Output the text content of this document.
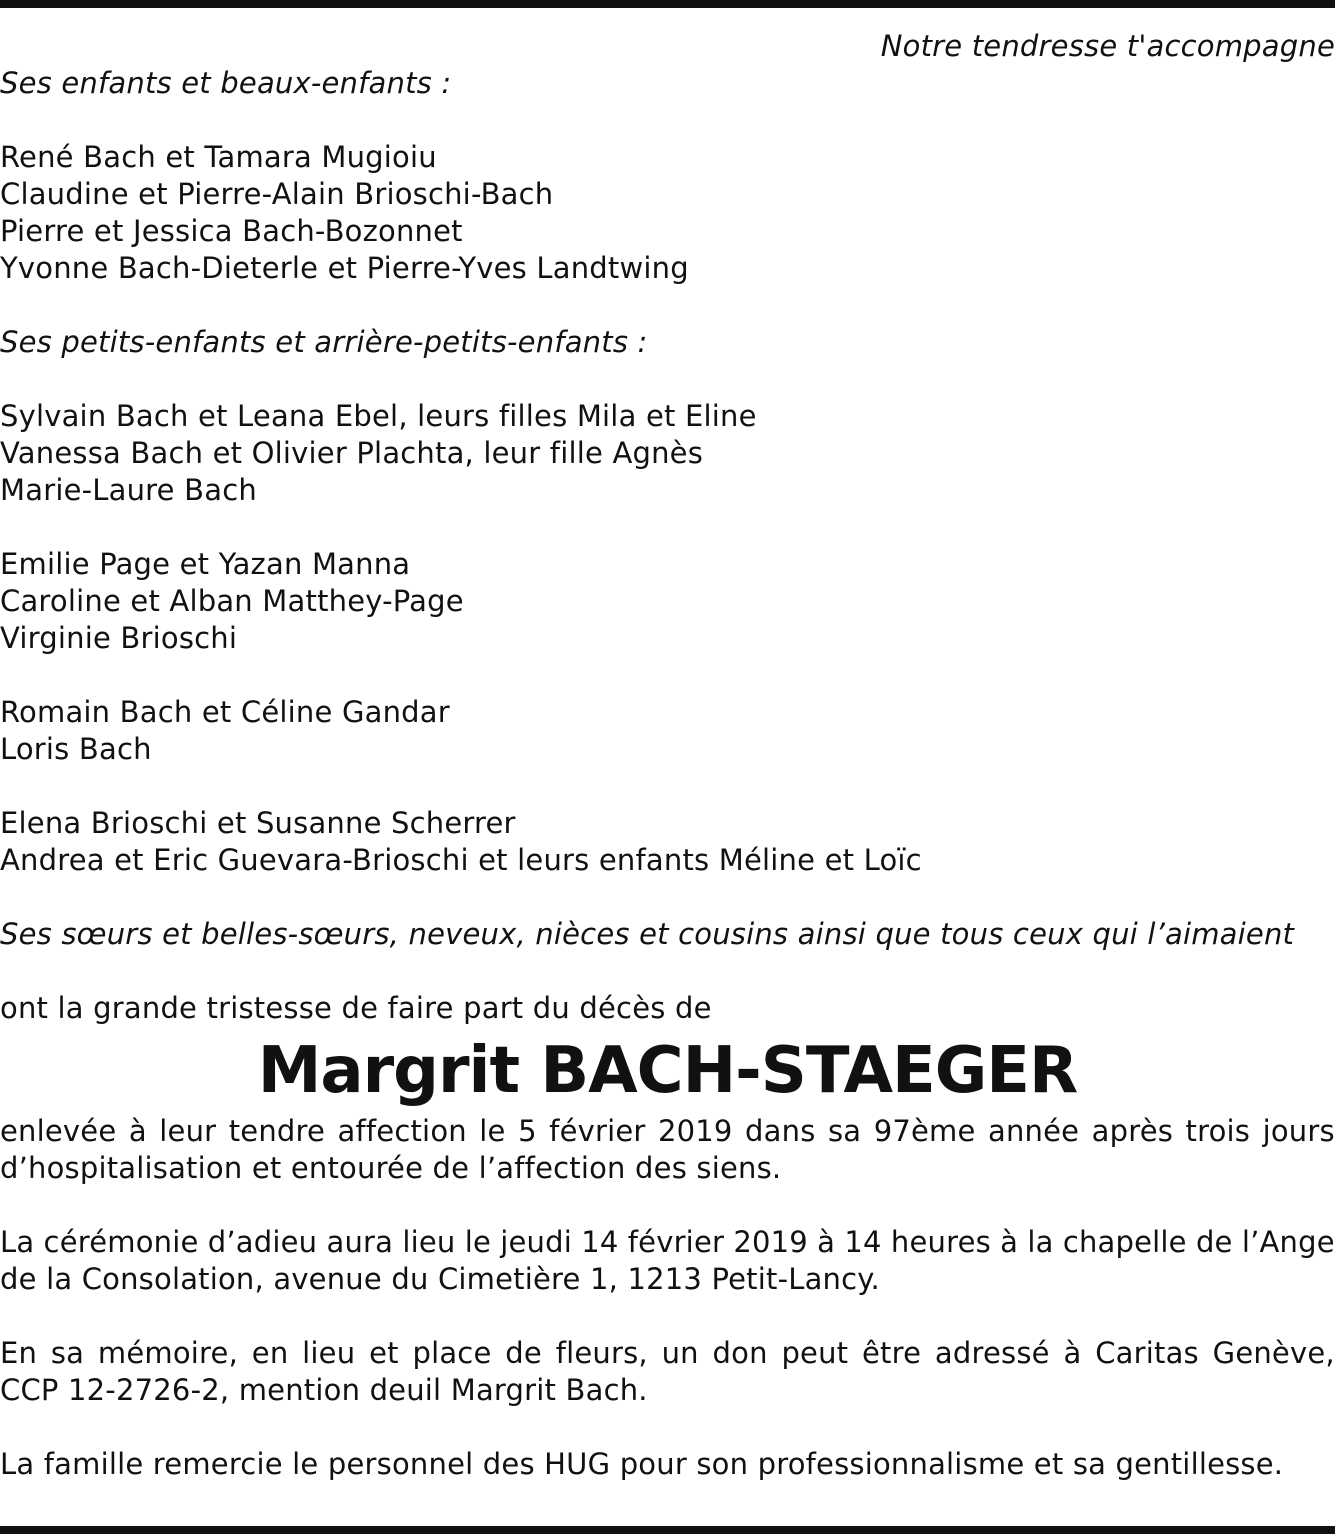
Notre tendresse t'accompagne
Ses enfants et beaux-enfants :
René Bach et Tamara Mugioiu
Claudine et Pierre-Alain Brioschi-Bach
Pierre et Jessica Bach-Bozonnet
Yvonne Bach-Dieterle et Pierre-Yves Landtwing
Ses petits-enfants et arrière-petits-enfants :
Sylvain Bach et Leana Ebel, leurs filles Mila et Eline
Vanessa Bach et Olivier Plachta, leur fille Agnès
Marie-Laure Bach
Emilie Page et Yazan Manna
Caroline et Alban Matthey-Page
Virginie Brioschi
Romain Bach et Céline Gandar
Loris Bach
Elena Brioschi et Susanne Scherrer
Andrea et Eric Guevara-Brioschi et leurs enfants Méline et Loïc
Ses sœurs et belles-sœurs, neveux, nièces et cousins ainsi que tous ceux qui l’aimaient
ont la grande tristesse de faire part du décès de
Margrit BACH-STAEGER
enlevée à leur tendre affection le 5 février 2019 dans sa 97ème année après trois jours
d’hospitalisation et entourée de l’affection des siens.
La cérémonie d’adieu aura lieu le jeudi 14 février 2019 à 14 heures à la chapelle de l’Ange
de la Consolation, avenue du Cimetière 1, 1213 Petit-Lancy.
En sa mémoire, en lieu et place de fleurs, un don peut être adressé à Caritas Genève,
CCP 12-2726-2, mention deuil Margrit Bach.
La famille remercie le personnel des HUG pour son professionnalisme et sa gentillesse.
